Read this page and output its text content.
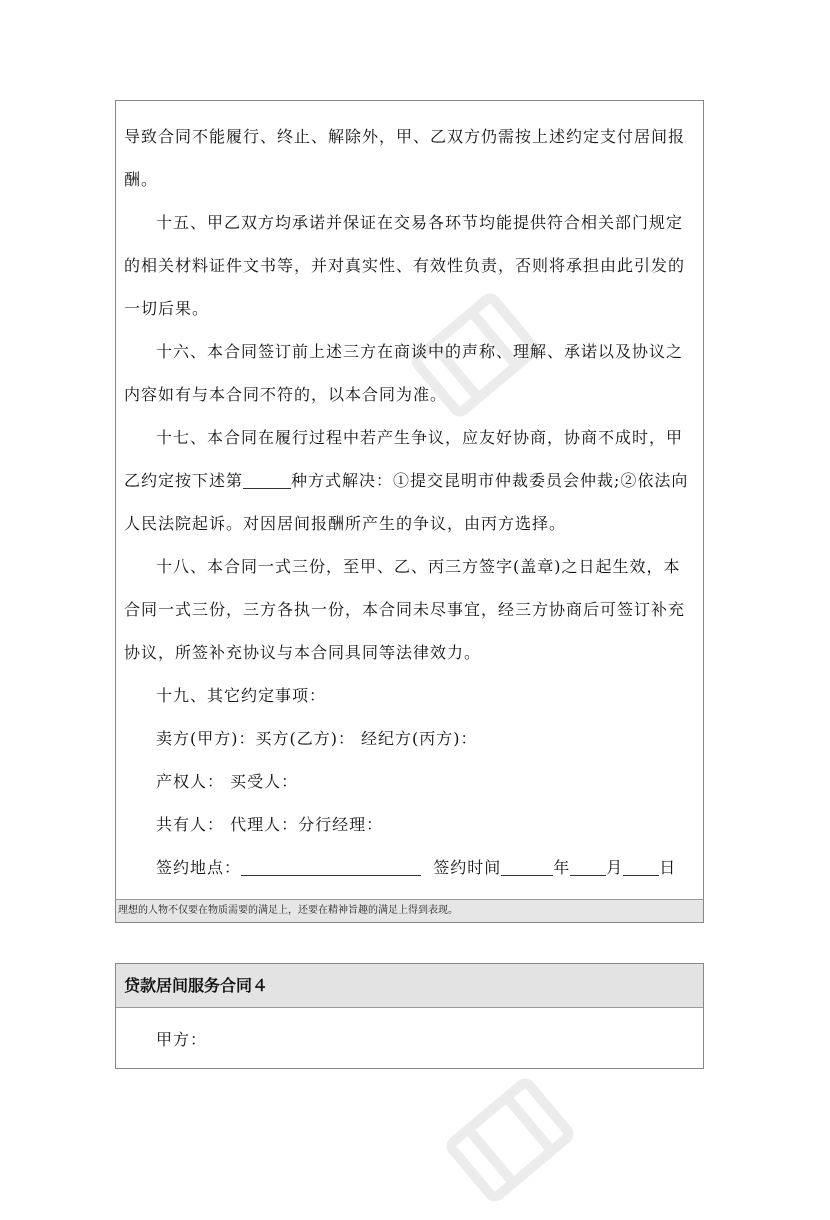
导致合同不能履行、终止、解除外，甲、乙双方仍需按上述约定支付居间报酬。

十五、甲乙双方均承诺并保证在交易各环节均能提供符合相关部门规定的相关材料证件文书等，并对真实性、有效性负责，否则将承担由此引发的一切后果。

十六、本合同签订前上述三方在商谈中的声称、理解、承诺以及协议之内容如有与本合同不符的，以本合同为准。

十七、本合同在履行过程中若产生争议，应友好协商，协商不成时，甲乙约定按下述第	种方式解决：①提交昆明市仲裁委员会仲裁;②依法向人民法院起诉。对因居间报酬所产生的争议，由丙方选择。

十八、本合同一式三份，至甲、乙、丙三方签字(盖章)之日起生效，本合同一式三份，三方各执一份，本合同未尽事宜，经三方协商后可签订补充协议，所签补充协议与本合同具同等法律效力。

十九、其它约定事项：

卖方(甲方)：买方(乙方)： 经纪方(丙方)：

产权人： 买受人：

共有人： 代理人：分行经理：

签约地点：	签约时间	年 月 日

理想的人物不仅要在物质需要的满足上，还要在精神旨趣的满足上得到表现。
贷款居间服务合同４
甲方：
